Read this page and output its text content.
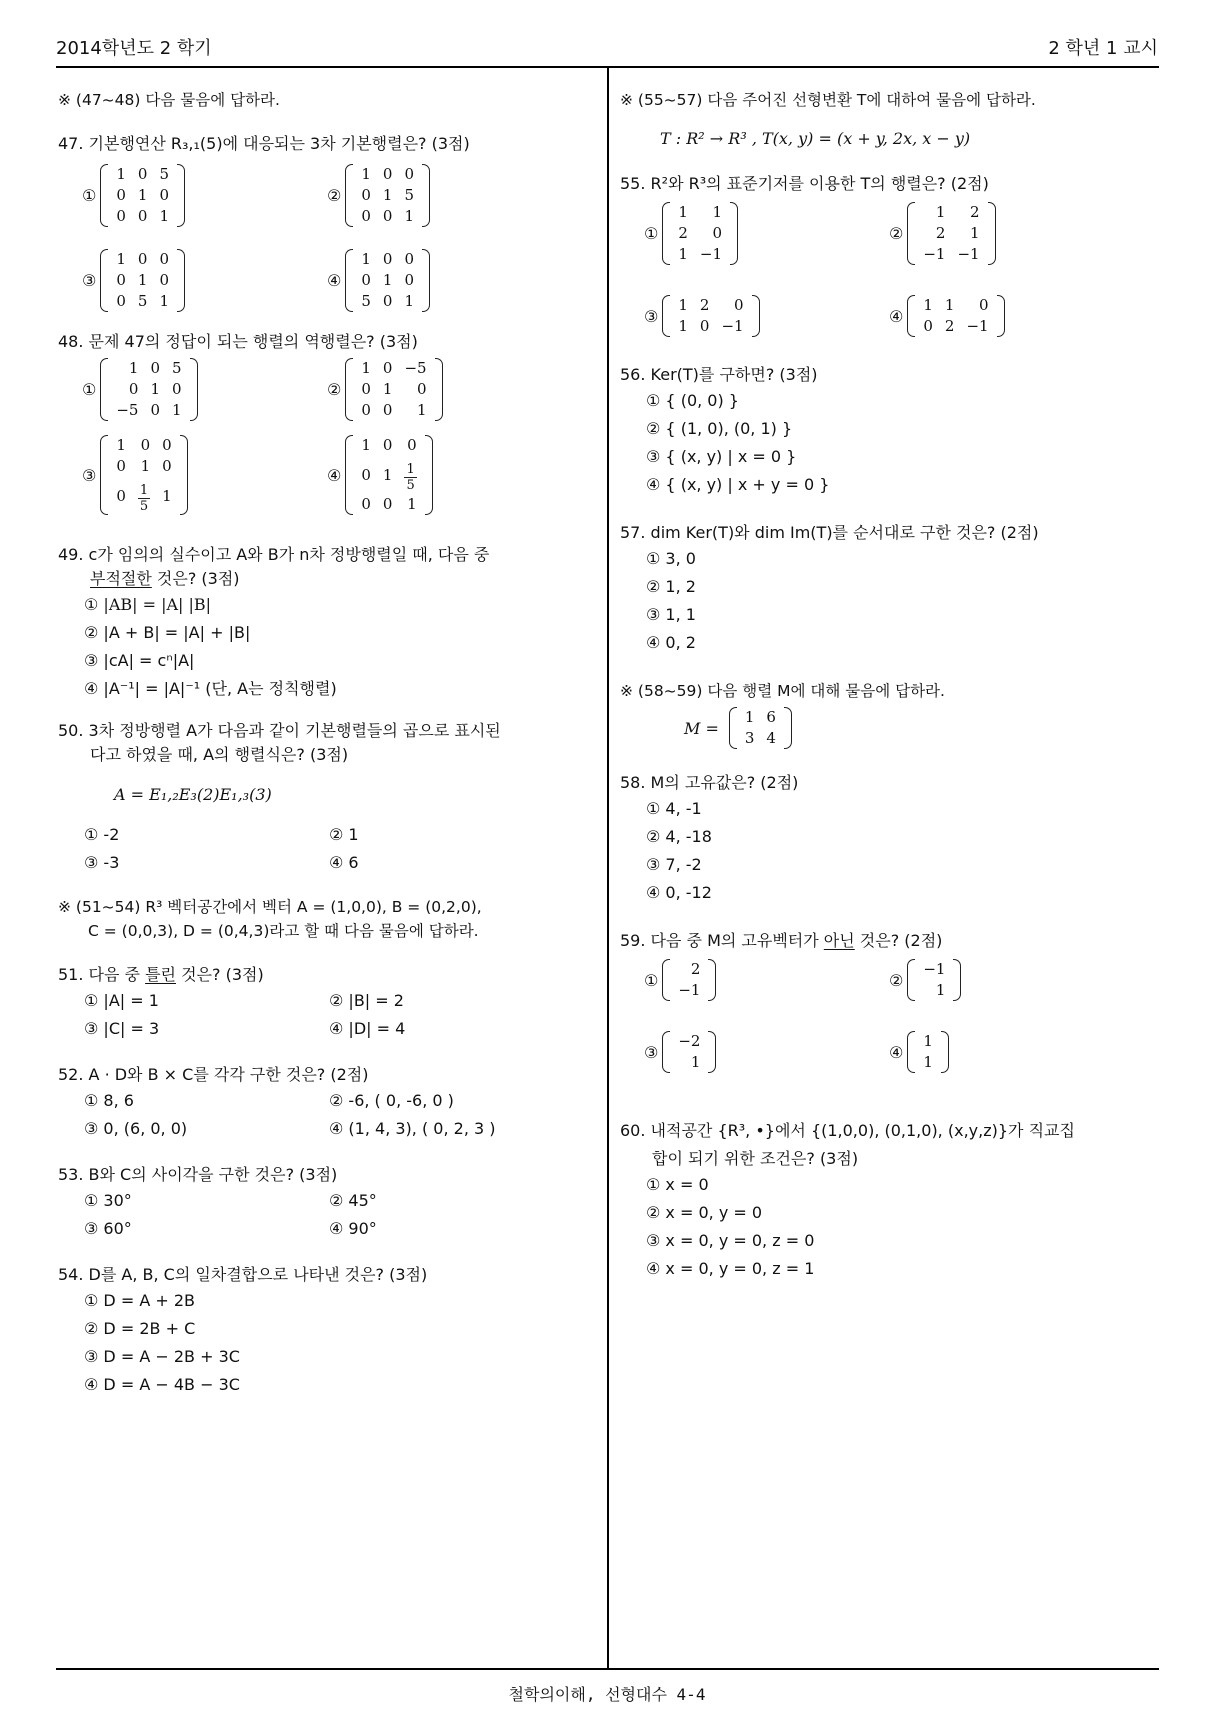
2014학년도 2 학기	2 학년 1 교시
※ (47~48) 다음 물음에 답하라.
47. 기본행연산 R₃,₁(5)에 대응되는 3차 기본행렬은? (3점)
①
1	0	5
0	1	0
0	0	1
②
1	0	0
0	1	5
0	0	1
③
1	0	0
0	1	0
0	5	1
④
1	0	0
0	1	0
5	0	1
48. 문제 47의 정답이 되는 행렬의 역행렬은? (3점)
①
1	0	5
0	1	0
−5	0	1
②
1	0	−5
0	1	0
0	0	1
③
1	0	0
0	1	0
0	$\frac{1}{5}$	1
④
1	0	0
0	1	$\frac{1}{5}$

0	0	1
49. c가 임의의 실수이고 A와 B가 n차 정방행렬일 때, 다음 중
부적절한 것은? (3점)
① |AB| = |A| |B|
② |A + B| = |A| + |B|
③ |cA| = cⁿ|A|
④ |A⁻¹| = |A|⁻¹ (단, A는 정칙행렬)
50. 3차 정방행렬 A가 다음과 같이 기본행렬들의 곱으로 표시된
다고 하였을 때, A의 행렬식은? (3점)
A = E₁,₂E₃(2)E₁,₃(3)
① -2	② 1
③ -3	④ 6
※ (51~54) R³ 벡터공간에서 벡터 A = (1,0,0), B = (0,2,0),
C = (0,0,3), D = (0,4,3)라고 할 때 다음 물음에 답하라.
51. 다음 중 틀린 것은? (3점)
① |A| = 1	② |B| = 2
③ |C| = 3	④ |D| = 4
52. A · D와 B × C를 각각 구한 것은? (2점)
① 8, 6	② -6, ( 0, -6, 0 )
③ 0, (6, 0, 0)	④ (1, 4, 3), ( 0, 2, 3 )
53. B와 C의 사이각을 구한 것은? (3점)
① 30°	② 45°
③ 60°	④ 90°
54. D를 A, B, C의 일차결합으로 나타낸 것은? (3점)
① D = A + 2B
② D = 2B + C
③ D = A − 2B + 3C
④ D = A − 4B − 3C
※ (55~57) 다음 주어진 선형변환 T에 대하여 물음에 답하라.
T : R² → R³ , T(x, y) = (x + y, 2x, x − y)
55. R²와 R³의 표준기저를 이용한 T의 행렬은? (2점)
①
1	1
2	0
1	−1
②
1	2
2	1
−1	−1
③
1	2	0
1	0	−1
④
1	1	0
0	2	−1
56. Ker(T)를 구하면? (3점)
① { (0, 0) }
② { (1, 0), (0, 1) }
③ { (x, y) | x = 0 }
④ { (x, y) | x + y = 0 }
57. dim Ker(T)와 dim Im(T)를 순서대로 구한 것은? (2점)
① 3, 0
② 1, 2
③ 1, 1
④ 0, 2
※ (58~59) 다음 행렬 M에 대해 물음에 답하라.
M =
1	6
3	4
58. M의 고유값은? (2점)
① 4, -1
② 4, -18
③ 7, -2
④ 0, -12
59. 다음 중 M의 고유벡터가 아닌 것은? (2점)
①
2
−1
②
−1
1
③
−2
1
④
1
1
60. 내적공간 {R³, •}에서 {(1,0,0), (0,1,0), (x,y,z)}가 직교집
합이 되기 위한 조건은? (3점)
① x = 0
② x = 0, y = 0
③ x = 0, y = 0, z = 0
④ x = 0, y = 0, z = 1
철학의이해, 선형대수 4-4
